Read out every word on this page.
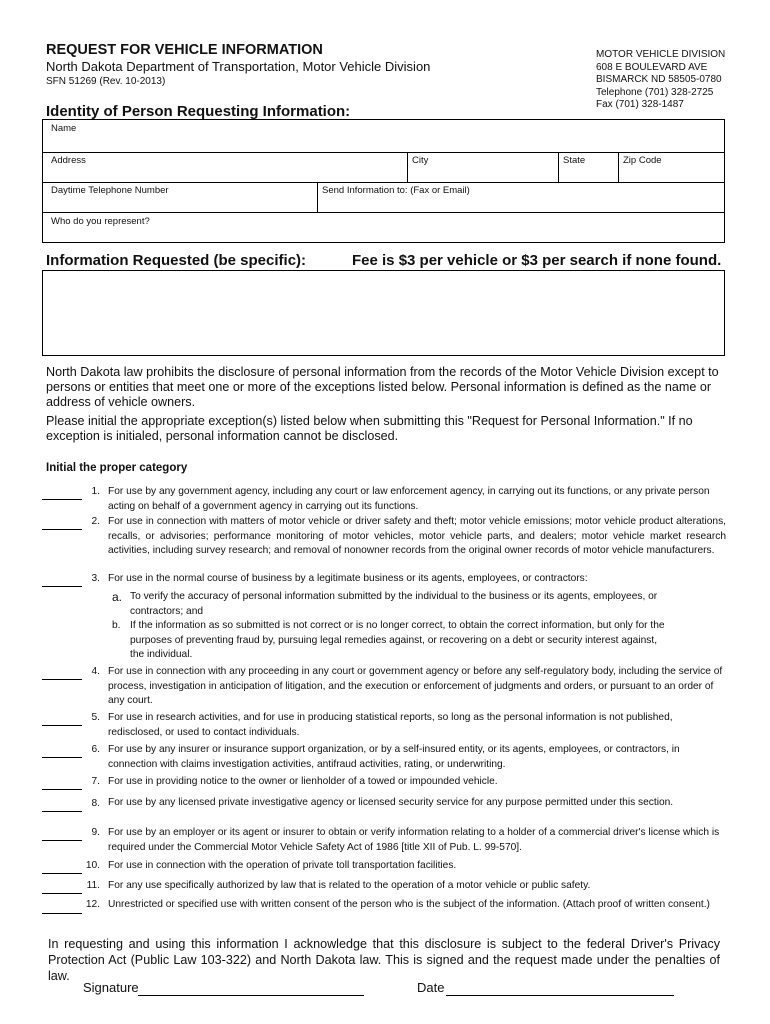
REQUEST FOR VEHICLE INFORMATION
North Dakota Department of Transportation, Motor Vehicle Division
SFN 51269 (Rev. 10-2013)
MOTOR VEHICLE DIVISION
608 E BOULEVARD AVE
BISMARCK ND 58505-0780
Telephone (701) 328-2725
Fax (701) 328-1487
Identity of Person Requesting Information:
Name
Address	City	State	Zip Code
Daytime Telephone Number	Send Information to: (Fax or Email)
Who do you represent?
Information Requested (be specific):	Fee is $3 per vehicle or $3 per search if none found.
North Dakota law prohibits the disclosure of personal information from the records of the Motor Vehicle Division except to persons or entities that meet one or more of the exceptions listed below. Personal information is defined as the name or address of vehicle owners.
Please initial the appropriate exception(s) listed below when submitting this "Request for Personal Information." If no exception is initialed, personal information cannot be disclosed.
Initial the proper category
1. For use by any government agency, including any court or law enforcement agency, in carrying out its functions, or any private person acting on behalf of a government agency in carrying out its functions.
2. For use in connection with matters of motor vehicle or driver safety and theft; motor vehicle emissions; motor vehicle product alterations, recalls, or advisories; performance monitoring of motor vehicles, motor vehicle parts, and dealers; motor vehicle market research activities, including survey research; and removal of nonowner records from the original owner records of motor vehicle manufacturers.
3. For use in the normal course of business by a legitimate business or its agents, employees, or contractors:
a. To verify the accuracy of personal information submitted by the individual to the business or its agents, employees, or contractors; and
b. If the information as so submitted is not correct or is no longer correct, to obtain the correct information, but only for the purposes of preventing fraud by, pursuing legal remedies against, or recovering on a debt or security interest against, the individual.
4. For use in connection with any proceeding in any court or government agency or before any self-regulatory body, including the service of process, investigation in anticipation of litigation, and the execution or enforcement of judgments and orders, or pursuant to an order of any court.
5. For use in research activities, and for use in producing statistical reports, so long as the personal information is not published, redisclosed, or used to contact individuals.
6. For use by any insurer or insurance support organization, or by a self-insured entity, or its agents, employees, or contractors, in connection with claims investigation activities, antifraud activities, rating, or underwriting.
7. For use in providing notice to the owner or lienholder of a towed or impounded vehicle.
8. For use by any licensed private investigative agency or licensed security service for any purpose permitted under this section.
9. For use by an employer or its agent or insurer to obtain or verify information relating to a holder of a commercial driver's license which is required under the Commercial Motor Vehicle Safety Act of 1986 [title XII of Pub. L. 99-570].
10. For use in connection with the operation of private toll transportation facilities.
11. For any use specifically authorized by law that is related to the operation of a motor vehicle or public safety.
12. Unrestricted or specified use with written consent of the person who is the subject of the information. (Attach proof of written consent.)
In requesting and using this information I acknowledge that this disclosure is subject to the federal Driver's Privacy Protection Act (Public Law 103-322) and North Dakota law. This is signed and the request made under the penalties of law.
Signature	Date
